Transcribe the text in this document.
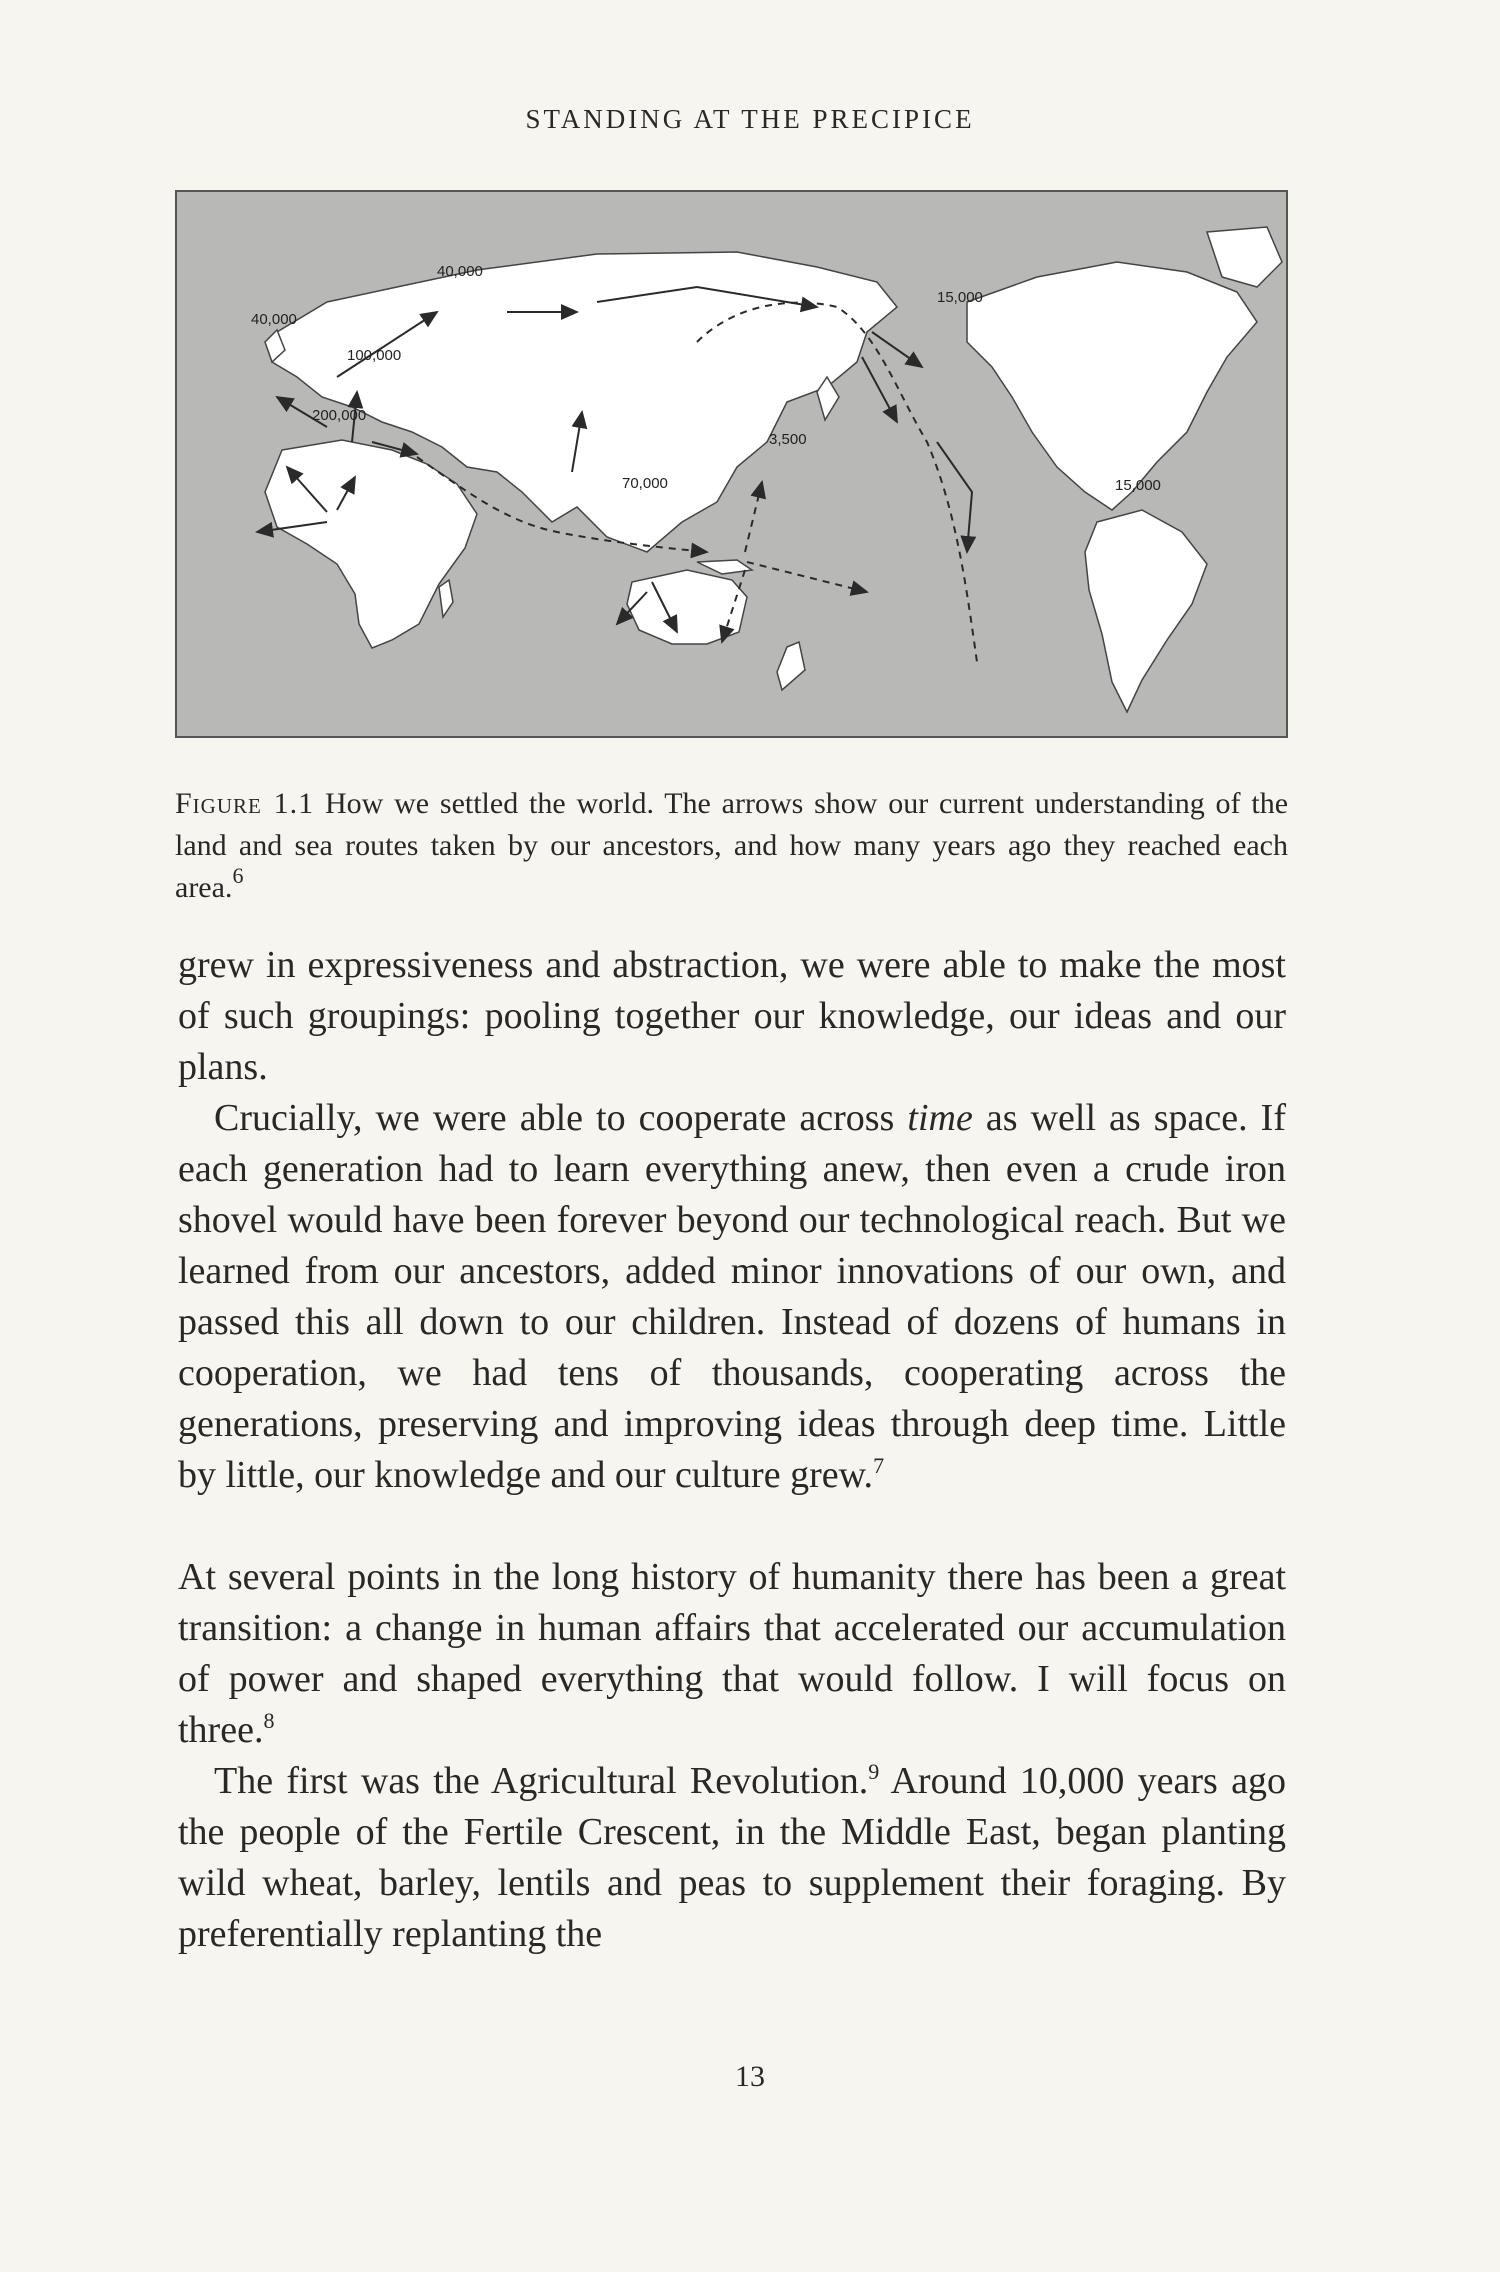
STANDING AT THE PRECIPICE
40,000
40,000
100,000
200,000
70,000
3,500
15,000
15,000
Figure 1.1 How we settled the world. The arrows show our current understanding of the land and sea routes taken by our ancestors, and how many years ago they reached each area.$^6$

grew in expressiveness and abstraction, we were able to make the most of such groupings: pooling together our knowledge, our ideas and our plans.

Crucially, we were able to cooperate across time as well as space. If each generation had to learn everything anew, then even a crude iron shovel would have been forever beyond our technological reach. But we learned from our ancestors, added minor innovations of our own, and passed this all down to our children. Instead of dozens of humans in cooperation, we had tens of thousands, cooperating across the generations, preserving and improving ideas through deep time. Little by little, our knowledge and our culture grew.$^7$

At several points in the long history of humanity there has been a great transition: a change in human affairs that accelerated our accumulation of power and shaped everything that would follow. I will focus on three.$^8$

The first was the Agricultural Revolution.$^9$ Around 10,000 years ago the people of the Fertile Crescent, in the Middle East, began planting wild wheat, barley, lentils and peas to supplement their foraging. By preferentially replanting the

13
